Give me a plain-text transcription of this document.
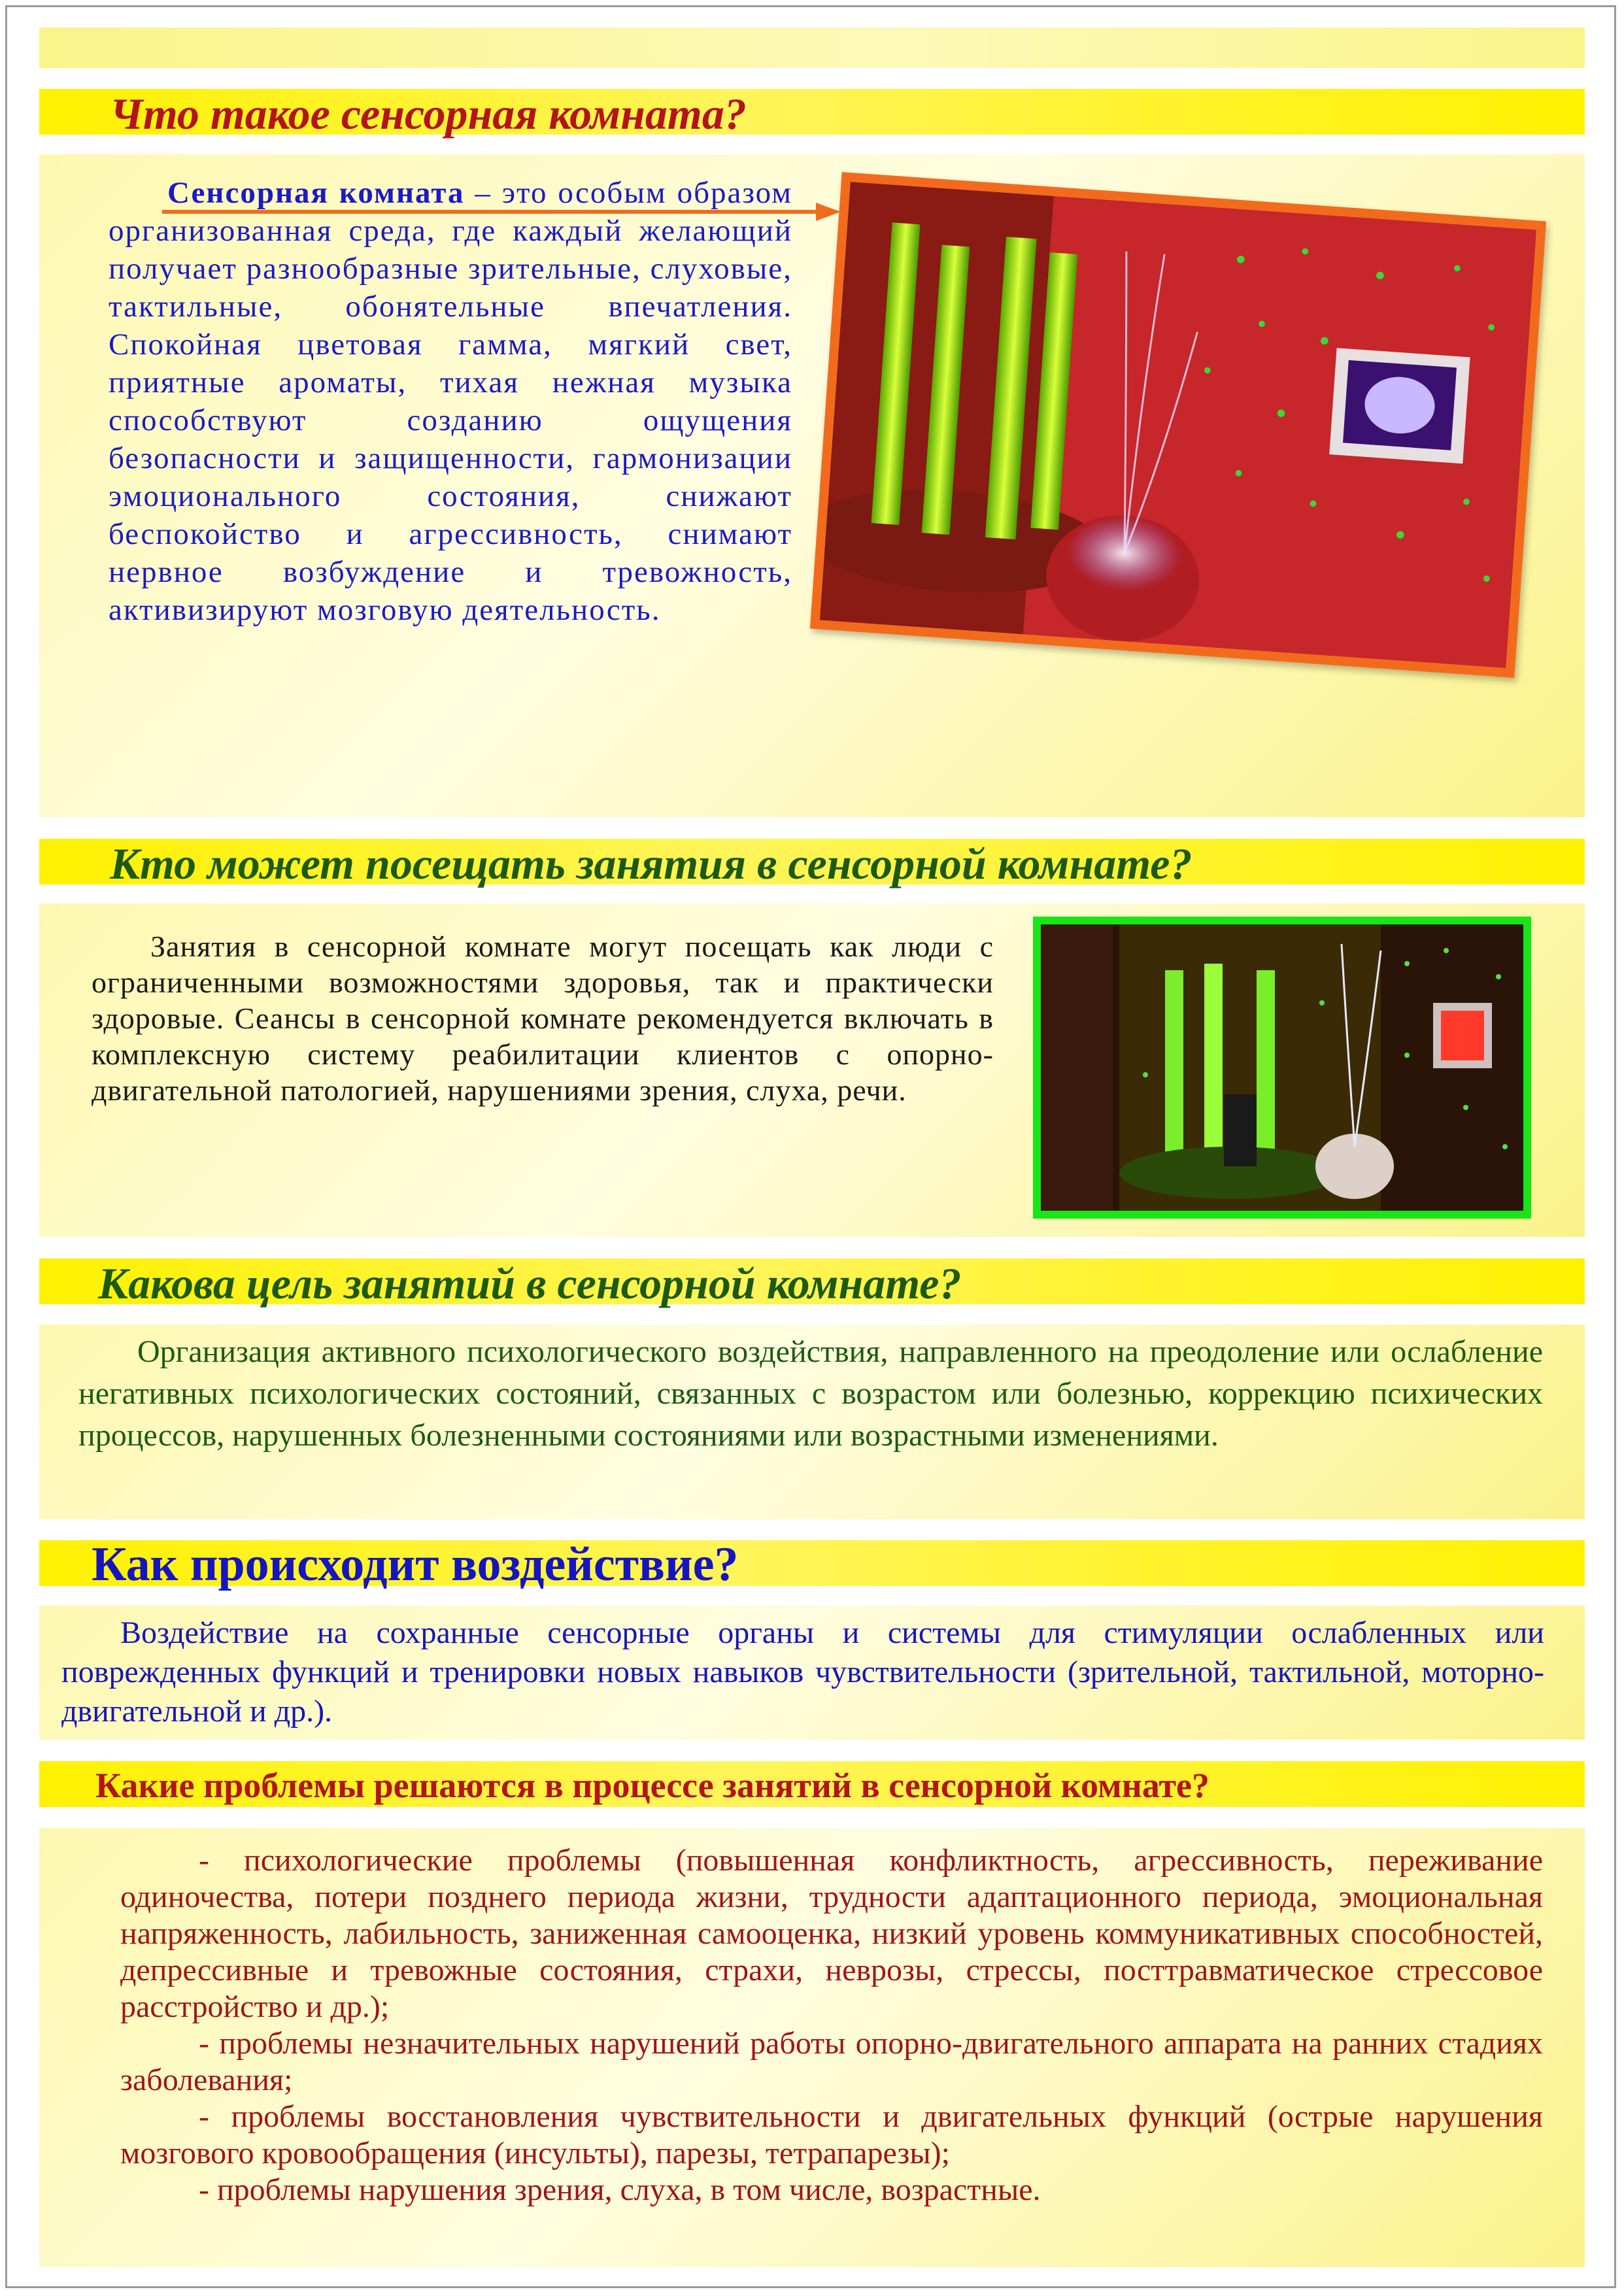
Что такое сенсорная комната?

Сенсорная комната – это особым образом организованная среда, где каждый желающий получает разнообразные зрительные, слуховые, тактильные, обонятельные впечатления. Спокойная цветовая гамма, мягкий свет, приятные ароматы, тихая нежная музыка способствуют созданию ощущения безопасности и защищенности, гармонизации эмоционального состояния, снижают беспокойство и агрессивность, снимают нервное возбуждение и тревожность, активизируют мозговую деятельность.

Кто может посещать занятия в сенсорной комнате?

Занятия в сенсорной комнате могут посещать как люди с ограниченными возможностями здоровья, так и практически здоровые. Сеансы в сенсорной комнате рекомендуется включать в комплексную систему реабилитации клиентов с опорно-двигательной патологией, нарушениями зрения, слуха, речи.

Какова цель занятий в сенсорной комнате?

Организация активного психологического воздействия, направленного на преодоление или ослабление негативных психологических состояний, связанных с возрастом или болезнью, коррекцию психических процессов, нарушенных болезненными состояниями или возрастными изменениями.

Как происходит воздействие?

Воздействие на сохранные сенсорные органы и системы для стимуляции ослабленных или поврежденных функций и тренировки новых навыков чувствительности (зрительной, тактильной, моторно-двигательной и др.).

Какие проблемы решаются в процессе занятий в сенсорной комнате?

- психологические проблемы (повышенная конфликтность, агрессивность, переживание одиночества, потери позднего периода жизни, трудности адаптационного периода, эмоциональная напряженность, лабильность, заниженная самооценка, низкий уровень коммуникативных способностей, депрессивные и тревожные состояния, страхи, неврозы, стрессы, посттравматическое стрессовое расстройство и др.);

- проблемы незначительных нарушений работы опорно-двигательного аппарата на ранних стадиях заболевания;

- проблемы восстановления чувствительности и двигательных функций (острые нарушения мозгового кровообращения (инсульты), парезы, тетрапарезы);

- проблемы нарушения зрения, слуха, в том числе, возрастные.
